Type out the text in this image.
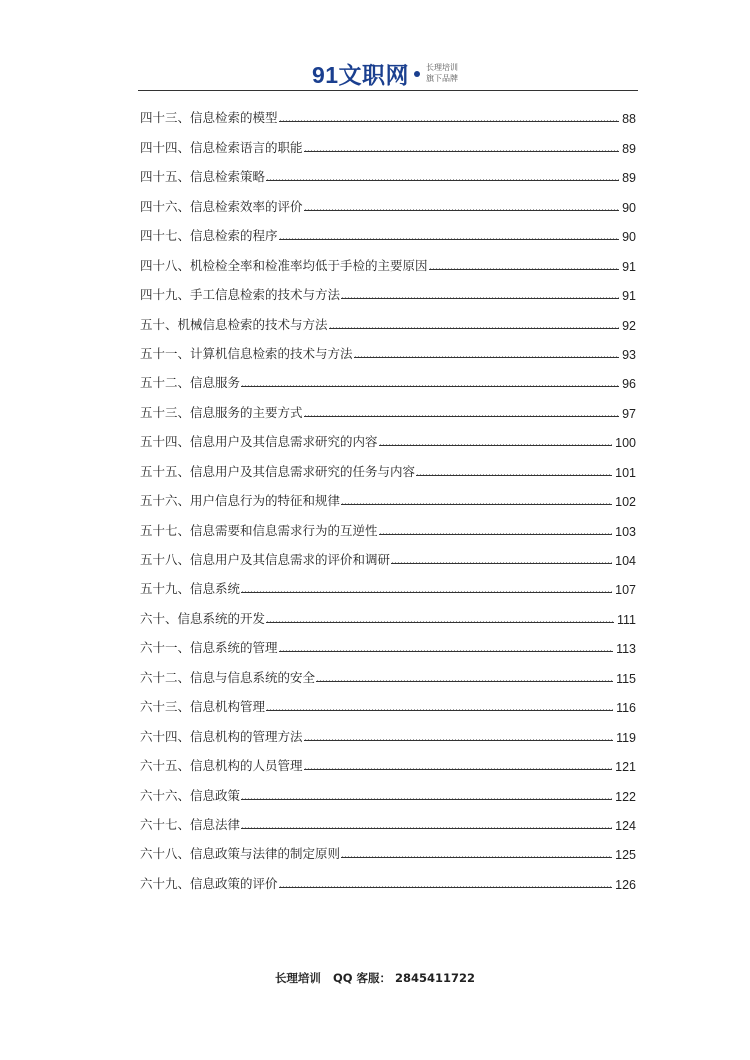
91文职网 长理培训
旗下品牌
四十三、信息检索的模型	88
四十四、信息检索语言的职能	89
四十五、信息检索策略	89
四十六、信息检索效率的评价	90
四十七、信息检索的程序	90
四十八、机检检全率和检准率均低于手检的主要原因	91
四十九、手工信息检索的技术与方法	91
五十、机械信息检索的技术与方法	92
五十一、计算机信息检索的技术与方法	93
五十二、信息服务	96
五十三、信息服务的主要方式	97
五十四、信息用户及其信息需求研究的内容	100
五十五、信息用户及其信息需求研究的任务与内容	101
五十六、用户信息行为的特征和规律	102
五十七、信息需要和信息需求行为的互逆性	103
五十八、信息用户及其信息需求的评价和调研	104
五十九、信息系统	107
六十、信息系统的开发	111
六十一、信息系统的管理	113
六十二、信息与信息系统的安全	115
六十三、信息机构管理	116
六十四、信息机构的管理方法	119
六十五、信息机构的人员管理	121
六十六、信息政策	122
六十七、信息法律	124
六十八、信息政策与法律的制定原则	125
六十九、信息政策的评价	126
长理培训 QQ 客服： 2845411722
